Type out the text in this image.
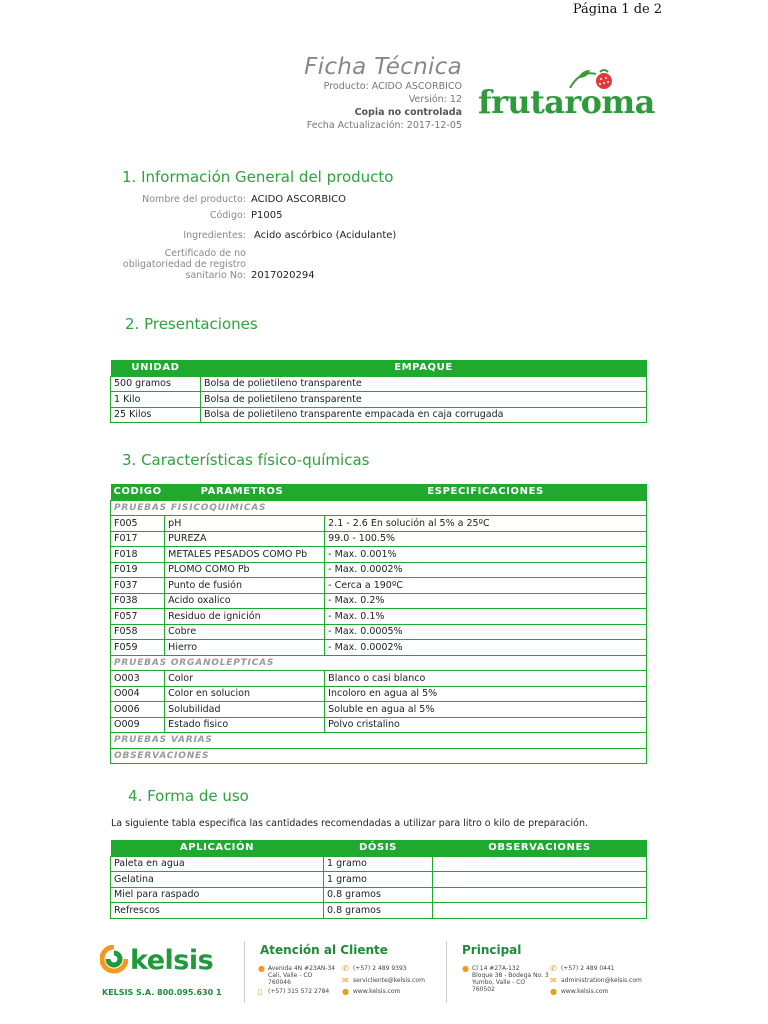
Página 1 de 2
Ficha Técnica
Producto: ACIDO ASCORBICO
Versión: 12
Copia no controlada
Fecha Actualización: 2017-12-05
frutaroma
1. Información General del producto
Nombre del producto: ACIDO ASCORBICO
Código: P1005
Ingredientes: Acido ascórbico (Acidulante)
Certificado de no
obligatoriedad de registro
sanitario No: 2017020294
2. Presentaciones
UNIDAD	EMPAQUE
500 gramos	Bolsa de polietileno transparente
1 Kilo	Bolsa de polietileno transparente
25 Kilos	Bolsa de polietileno transparente empacada en caja corrugada
3. Características físico-químicas
CODIGO	PARAMETROS	ESPECIFICACIONES
PRUEBAS FISICOQUIMICAS		
F005	pH	2.1 - 2.6 En solución al 5% a 25ºC
F017	PUREZA	99.0 - 100.5%
F018	METALES PESADOS COMO Pb	- Max. 0.001%
F019	PLOMO COMO Pb	- Max. 0.0002%
F037	Punto de fusión	- Cerca a 190ºC
F038	Acido oxalico	- Max. 0.2%
F057	Residuo de ignición	- Max. 0.1%
F058	Cobre	- Max. 0.0005%
F059	Hierro	- Max. 0.0002%
PRUEBAS ORGANOLEPTICAS		
O003	Color	Blanco o casi blanco
O004	Color en solucion	Incoloro en agua al 5%
O006	Solubilidad	Soluble en agua al 5%
O009	Estado fisico	Polvo cristalino
PRUEBAS VARIAS		
OBSERVACIONES		
4. Forma de uso
La siguiente tabla especifica las cantidades recomendadas a utilizar para litro o kilo de preparación.
APLICACIÓN	DÓSIS	OBSERVACIONES
Paleta en agua	1 gramo	
Gelatina	1 gramo	
Miel para raspado	0.8 gramos	
Refrescos	0.8 gramos	
kelsis
KELSIS S.A. 800.095.630 1
Atención al Cliente
● Avenida 4N #23AN-34
Cali, Valle - CO
760046
✆ (+57) 2 489 9393
✉ servicliente@kelsis.com
▯ (+57) 315 572 2784 ● www.kelsis.com
Principal
● Cl 14 #27A-132
Bloque 38 - Bodega No. 3
Yumbo, Valle - CO
760502
✆ (+57) 2 489 0441
✉ administration@kelsis.com
● www.kelsis.com
